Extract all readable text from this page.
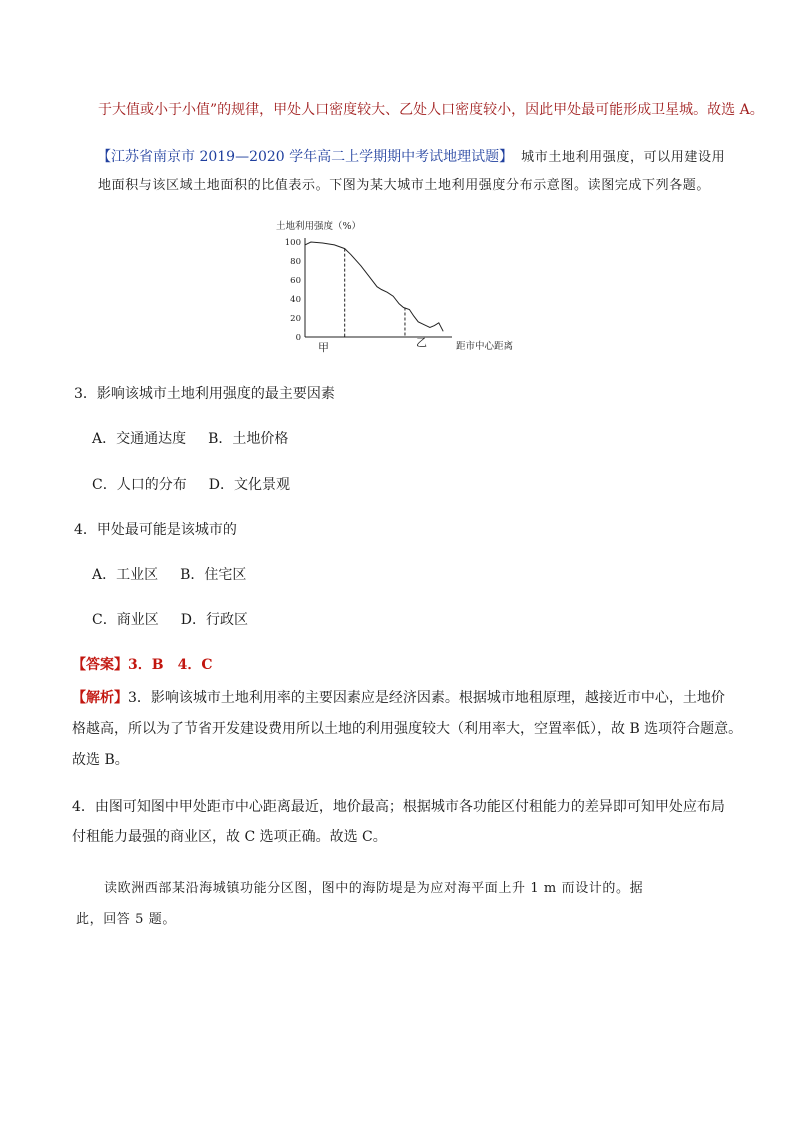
于大值或小于小值”的规律，甲处人口密度较大、乙处人口密度较小，因此甲处最可能形成卫星城。故选 A。
【江苏省南京市 2019—2020 学年高二上学期期中考试地理试题】 城市土地利用强度，可以用建设用
地面积与该区域土地面积的比值表示。下图为某大城市土地利用强度分布示意图。读图完成下列各题。
土地利用强度（%）
100
80
60
40
20
0
甲	乙	距市中心距离
3．影响该城市土地利用强度的最主要因素
A．交通通达度 B．土地价格
C．人口的分布 D．文化景观
4．甲处最可能是该城市的
A．工业区 B．住宅区
C．商业区 D．行政区
【答案】3．B　4．C
【解析】3．影响该城市土地利用率的主要因素应是经济因素。根据城市地租原理，越接近市中心，土地价
格越高，所以为了节省开发建设费用所以土地的利用强度较大（利用率大，空置率低），故 B 选项符合题意。
故选 B。
4．由图可知图中甲处距市中心距离最近，地价最高；根据城市各功能区付租能力的差异即可知甲处应布局
付租能力最强的商业区，故 C 选项正确。故选 C。
读欧洲西部某沿海城镇功能分区图，图中的海防堤是为应对海平面上升 1 m 而设计的。据
此，回答 5 题。
